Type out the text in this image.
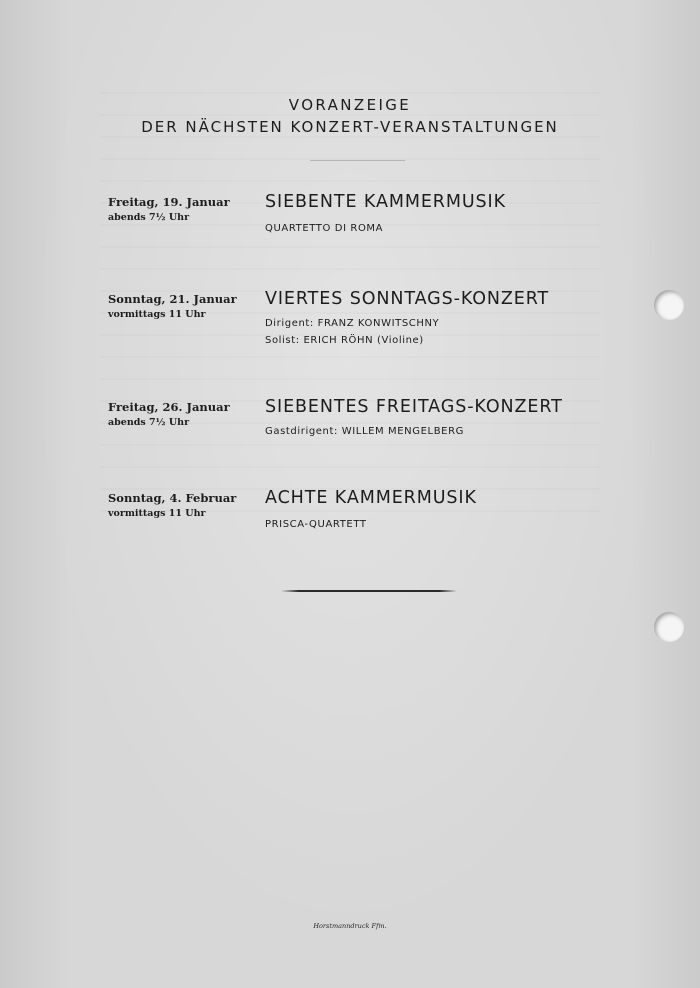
VORANZEIGE
DER NÄCHSTEN KONZERT-VERANSTALTUNGEN
Freitag, 19. Januar
abends 7½ Uhr
SIEBENTE KAMMERMUSIK
QUARTETTO DI ROMA
Sonntag, 21. Januar
vormittags 11 Uhr
VIERTES SONNTAGS-KONZERT
Dirigent: FRANZ KONWITSCHNY
Solist: ERICH RÖHN (Violine)
Freitag, 26. Januar
abends 7½ Uhr
SIEBENTES FREITAGS-KONZERT
Gastdirigent: WILLEM MENGELBERG
Sonntag, 4. Februar
vormittags 11 Uhr
ACHTE KAMMERMUSIK
PRISCA-QUARTETT
Horstmanndruck Ffm.
